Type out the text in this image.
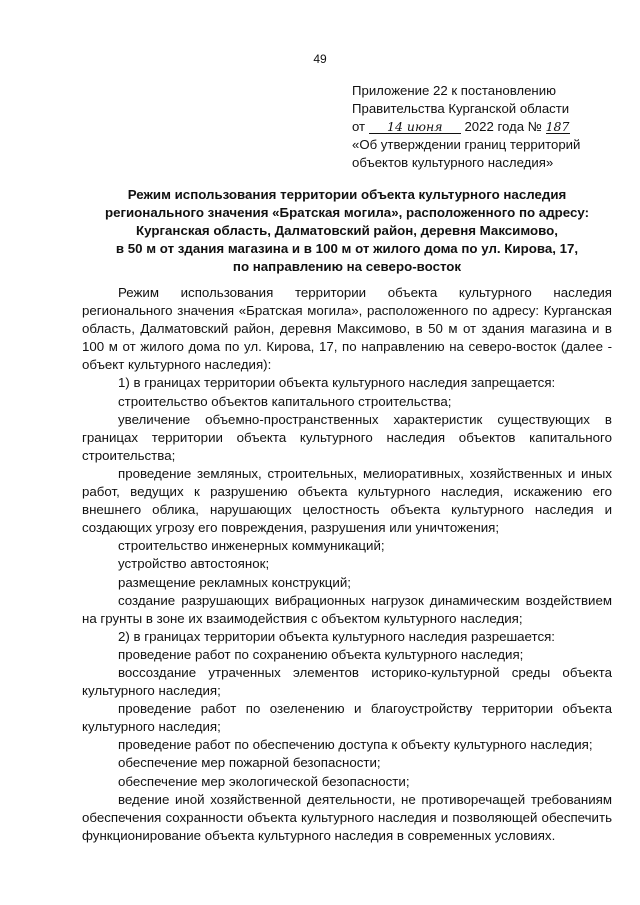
49
Приложение 22 к постановлению
Правительства Курганской области
от 14 июня 2022 года № 187
«Об утверждении границ территорий
объектов культурного наследия»
Режим использования территории объекта культурного наследия
регионального значения «Братская могила», расположенного по адресу:
Курганская область, Далматовский район, деревня Максимово,
в 50 м от здания магазина и в 100 м от жилого дома по ул. Кирова, 17,
по направлению на северо-восток

Режим использования территории объекта культурного наследия регионального значения «Братская могила», расположенного по адресу: Курганская область, Далматовский район, деревня Максимово, в 50 м от здания магазина и в 100 м от жилого дома по ул. Кирова, 17, по направлению на северо-восток (далее - объект культурного наследия):

1) в границах территории объекта культурного наследия запрещается:

строительство объектов капитального строительства;

увеличение объемно-пространственных характеристик существующих в границах территории объекта культурного наследия объектов капитального строительства;

проведение земляных, строительных, мелиоративных, хозяйственных и иных работ, ведущих к разрушению объекта культурного наследия, искажению его внешнего облика, нарушающих целостность объекта культурного наследия и создающих угрозу его повреждения, разрушения или уничтожения;

строительство инженерных коммуникаций;

устройство автостоянок;

размещение рекламных конструкций;

создание разрушающих вибрационных нагрузок динамическим воздействием на грунты в зоне их взаимодействия с объектом культурного наследия;

2) в границах территории объекта культурного наследия разрешается:

проведение работ по сохранению объекта культурного наследия;

воссоздание утраченных элементов историко-культурной среды объекта культурного наследия;

проведение работ по озеленению и благоустройству территории объекта культурного наследия;

проведение работ по обеспечению доступа к объекту культурного наследия;

обеспечение мер пожарной безопасности;

обеспечение мер экологической безопасности;

ведение иной хозяйственной деятельности, не противоречащей требованиям обеспечения сохранности объекта культурного наследия и позволяющей обеспечить функционирование объекта культурного наследия в современных условиях.
